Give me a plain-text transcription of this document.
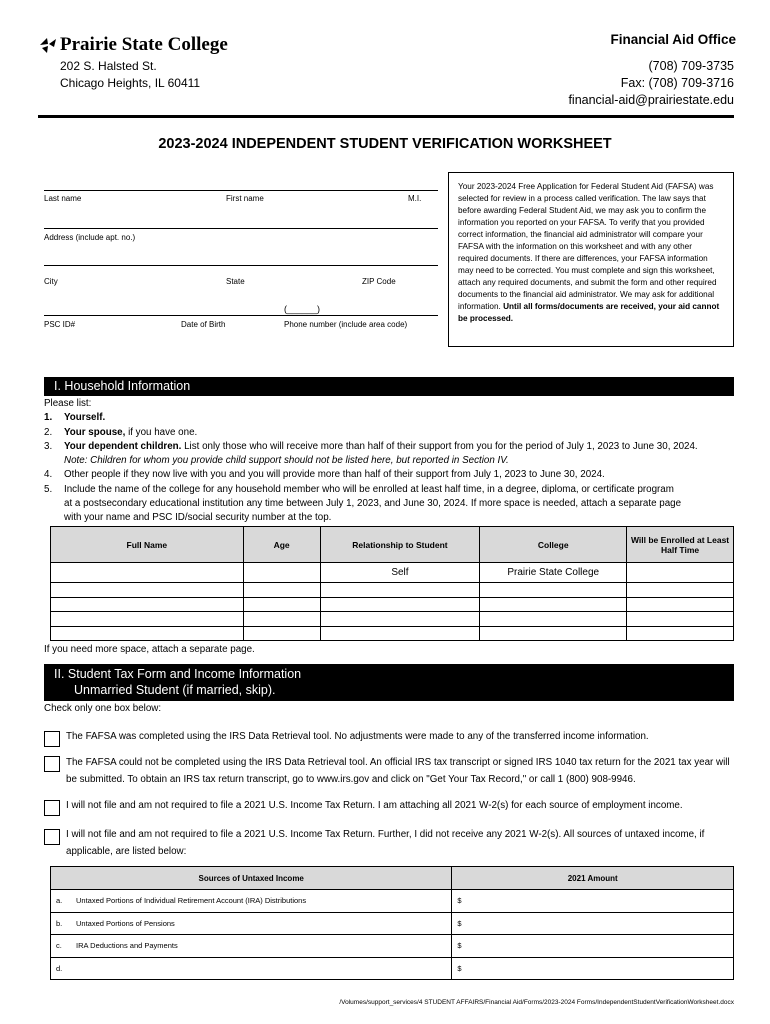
Prairie State College
202 S. Halsted St.
Chicago Heights, IL 60411
Financial Aid Office
(708) 709-3735
Fax: (708) 709-3716
financial-aid@prairiestate.edu
2023-2024 INDEPENDENT STUDENT VERIFICATION WORKSHEET
Last name	First name	M.I.
Address (include apt. no.)
City	State	ZIP Code
(______)
PSC ID#	Date of Birth	Phone number (include area code)
Your 2023-2024 Free Application for Federal Student Aid (FAFSA) was selected for review in a process called verification. The law says that before awarding Federal Student Aid, we may ask you to confirm the information you reported on your FAFSA. To verify that you provided correct information, the financial aid administrator will compare your FAFSA with the information on this worksheet and with any other required documents. If there are differences, your FAFSA information may need to be corrected. You must complete and sign this worksheet, attach any required documents, and submit the form and other required documents to the financial aid administrator. We may ask for additional information. Until all forms/documents are received, your aid cannot be processed.
I. Household Information
Please list:
1. Yourself.
2. Your spouse, if you have one.
3. Your dependent children. List only those who will receive more than half of their support from you for the period of July 1, 2023 to June 30, 2024.
Note: Children for whom you provide child support should not be listed here, but reported in Section IV.
4. Other people if they now live with you and you will provide more than half of their support from July 1, 2023 to June 30, 2024.
5. Include the name of the college for any household member who will be enrolled at least half time, in a degree, diploma, or certificate program
at a postsecondary educational institution any time between July 1, 2023, and June 30, 2024. If more space is needed, attach a separate page
with your name and PSC ID/social security number at the top.
Full Name	Age	Relationship to Student	College	Will be Enrolled at Least Half Time
		Self	Prairie State College	

If you need more space, attach a separate page.
II. Student Tax Form and Income Information
Unmarried Student (if married, skip).
Check only one box below:
The FAFSA was completed using the IRS Data Retrieval tool. No adjustments were made to any of the transferred income information.
The FAFSA could not be completed using the IRS Data Retrieval tool. An official IRS tax transcript or signed IRS 1040 tax return for the 2021 tax year will be submitted. To obtain an IRS tax return transcript, go to www.irs.gov and click on "Get Your Tax Record," or call 1 (800) 908-9946.
I will not file and am not required to file a 2021 U.S. Income Tax Return. I am attaching all 2021 W-2(s) for each source of employment income.
I will not file and am not required to file a 2021 U.S. Income Tax Return. Further, I did not receive any 2021 W-2(s). All sources of untaxed income, if applicable, are listed below:
Sources of Untaxed Income	2021 Amount
a. Untaxed Portions of Individual Retirement Account (IRA) Distributions	$
b. Untaxed Portions of Pensions	$
c. IRA Deductions and Payments	$
d.	$
/Volumes/support_services/4 STUDENT AFFAIRS/Financial Aid/Forms/2023-2024 Forms/IndependentStudentVerificationWorksheet.docx
